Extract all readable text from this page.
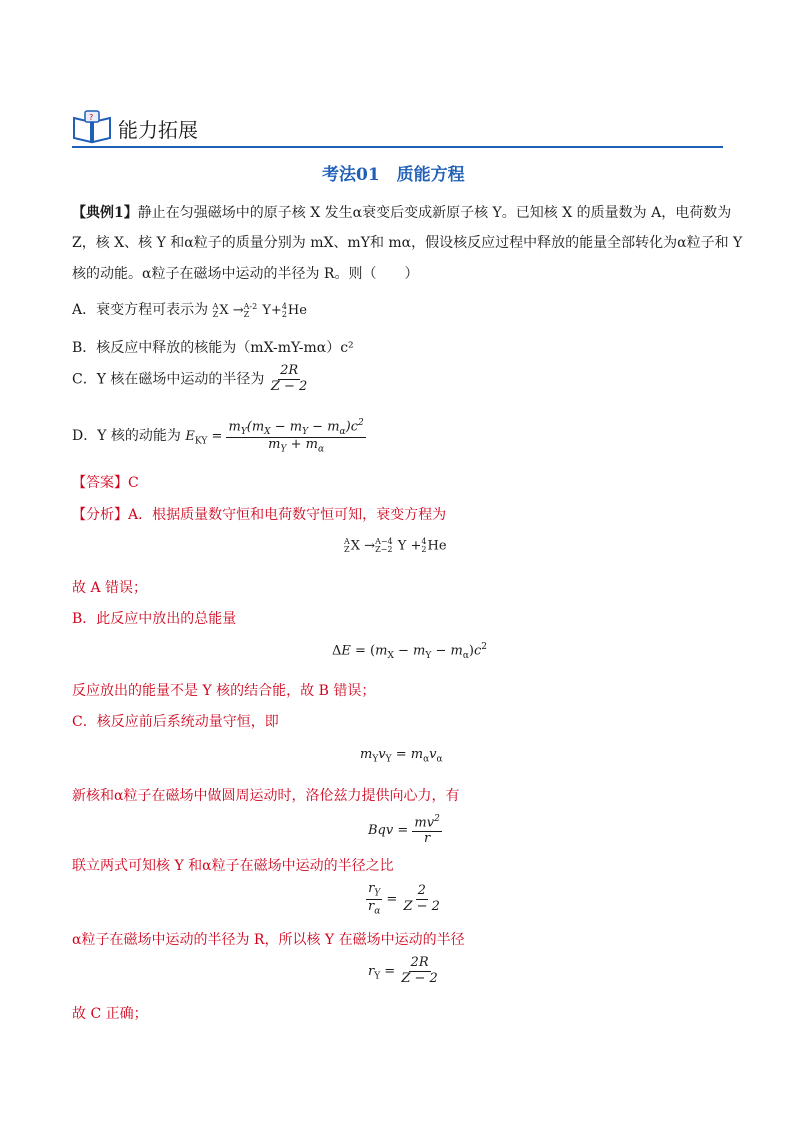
?
能力拓展
考法01　质能方程
【典例1】静止在匀强磁场中的原子核 X 发生α衰变后变成新原子核 Y。已知核 X 的质量数为 A，电荷数为
Z，核 X、核 Y 和α粒子的质量分别为 mX、mY和 mα，假设核反应过程中释放的能量全部转化为α粒子和 Y
核的动能。α粒子在磁场中运动的半径为 R。则（　　）
A．衰变方程可表示为 A
Z X → A-2
Z Y+ 4
2 He
B．核反应中释放的核能为（mX-mY-mα）c²
C．Y 核在磁场中运动的半径为 $\frac{2R}{Z - 2}$
D．Y 核的动能为 $E_{KY} = \frac{m_Y(m_X - m_Y - m_\alpha)c^2}{m_Y + m_\alpha}$
【答案】C
【分析】A．根据质量数守恒和电荷数守恒可知，衰变方程为
A
Z X → A−4
Z−2 Y + 4
2 He
故 A 错误；
B．此反应中放出的总能量
$\Delta E = (m_X - m_Y - m_\alpha)c^2$
反应放出的能量不是 Y 核的结合能，故 B 错误；
C．核反应前后系统动量守恒，即
$m_Yv_Y = m_\alpha v_\alpha$
新核和α粒子在磁场中做圆周运动时，洛伦兹力提供向心力，有
Bqv = $\frac{mv^2}{r}$
联立两式可知核 Y 和α粒子在磁场中运动的半径之比
$\frac{r_Y}{r_\alpha} = \frac{2}{Z - 2}$
α粒子在磁场中运动的半径为 R，所以核 Y 在磁场中运动的半径
$r_Y = \frac{2R}{Z - 2}$
故 C 正确；
